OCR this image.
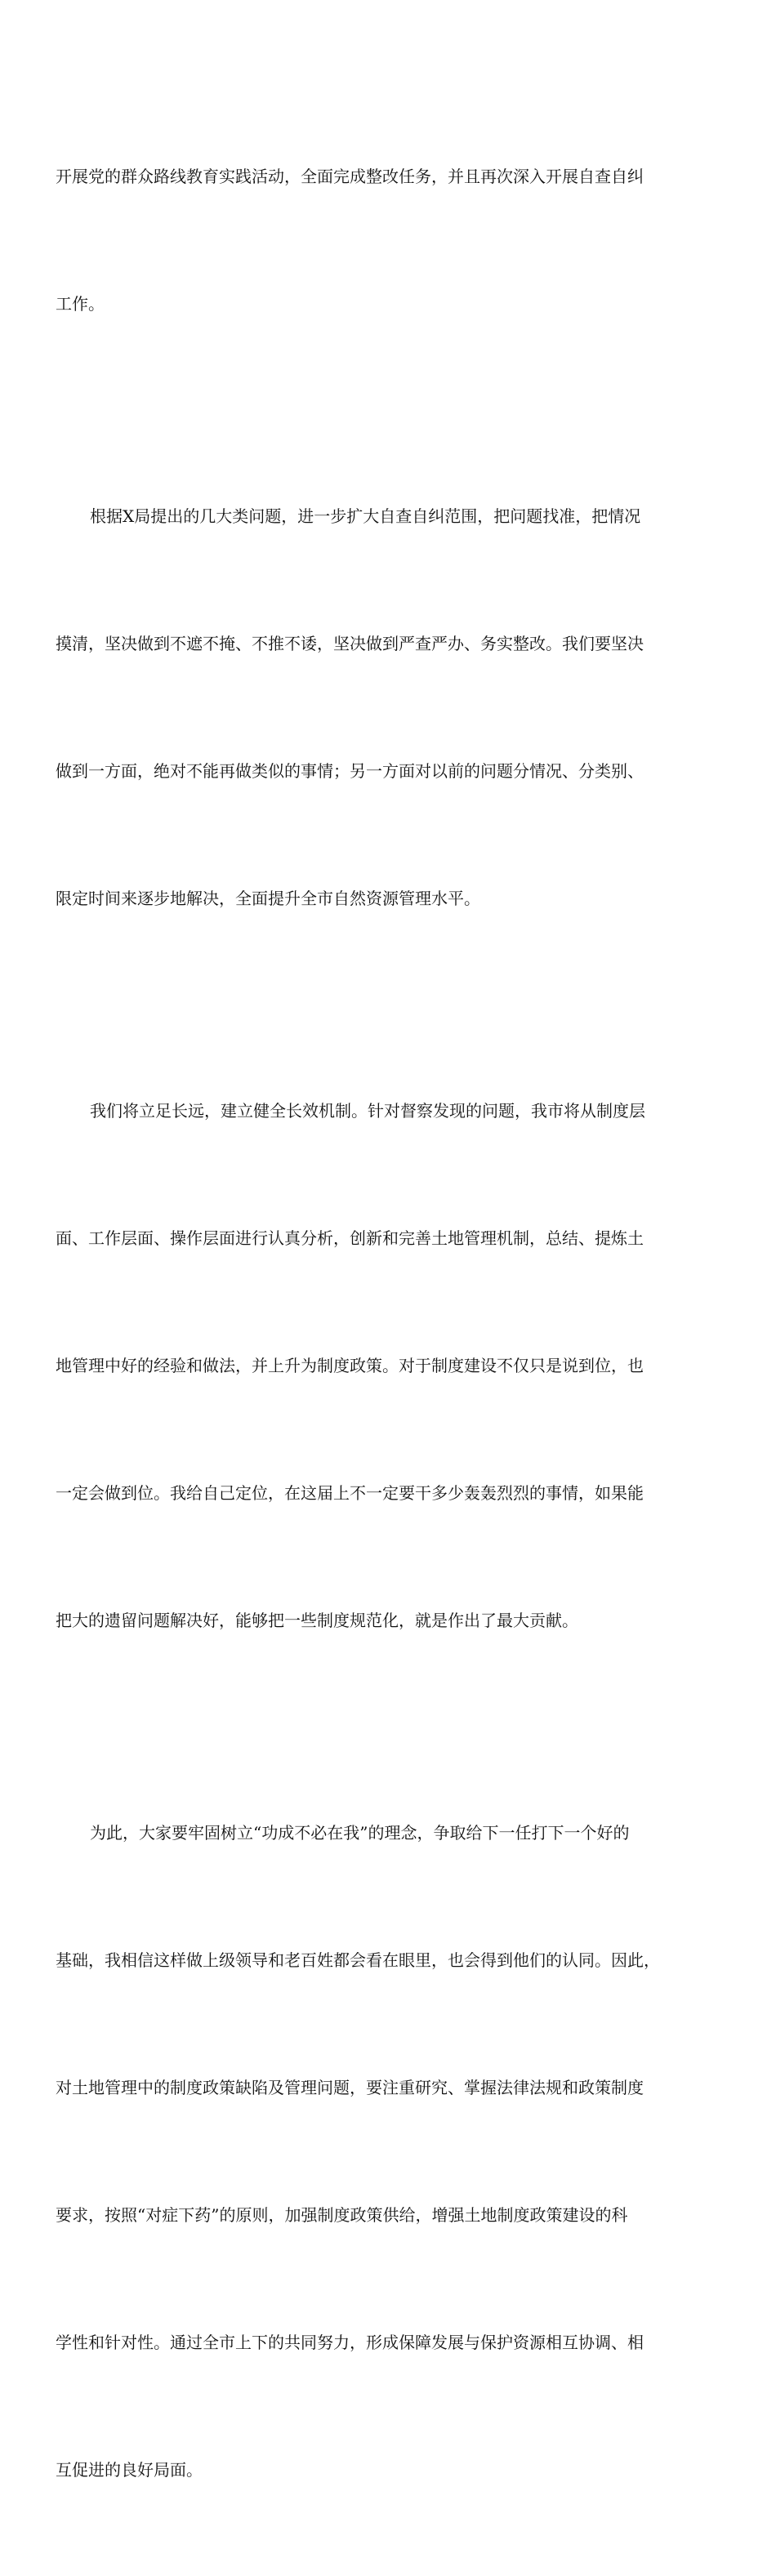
开展党的群众路线教育实践活动，全面完成整改任务，并且再次深入开展自查自纠

工作。

根据X局提出的几大类问题，进一步扩大自查自纠范围，把问题找准，把情况

摸清，坚决做到不遮不掩、不推不诿，坚决做到严查严办、务实整改。我们要坚决

做到一方面，绝对不能再做类似的事情；另一方面对以前的问题分情况、分类别、

限定时间来逐步地解决，全面提升全市自然资源管理水平。

我们将立足长远，建立健全长效机制。针对督察发现的问题，我市将从制度层

面、工作层面、操作层面进行认真分析，创新和完善土地管理机制，总结、提炼土

地管理中好的经验和做法，并上升为制度政策。对于制度建设不仅只是说到位，也

一定会做到位。我给自己定位，在这届上不一定要干多少轰轰烈烈的事情，如果能

把大的遗留问题解决好，能够把一些制度规范化，就是作出了最大贡献。

为此，大家要牢固树立“功成不必在我”的理念，争取给下一任打下一个好的

基础，我相信这样做上级领导和老百姓都会看在眼里，也会得到他们的认同。因此，

对土地管理中的制度政策缺陷及管理问题，要注重研究、掌握法律法规和政策制度

要求，按照“对症下药”的原则，加强制度政策供给，增强土地制度政策建设的科

学性和针对性。通过全市上下的共同努力，形成保障发展与保护资源相互协调、相

互促进的良好局面。
